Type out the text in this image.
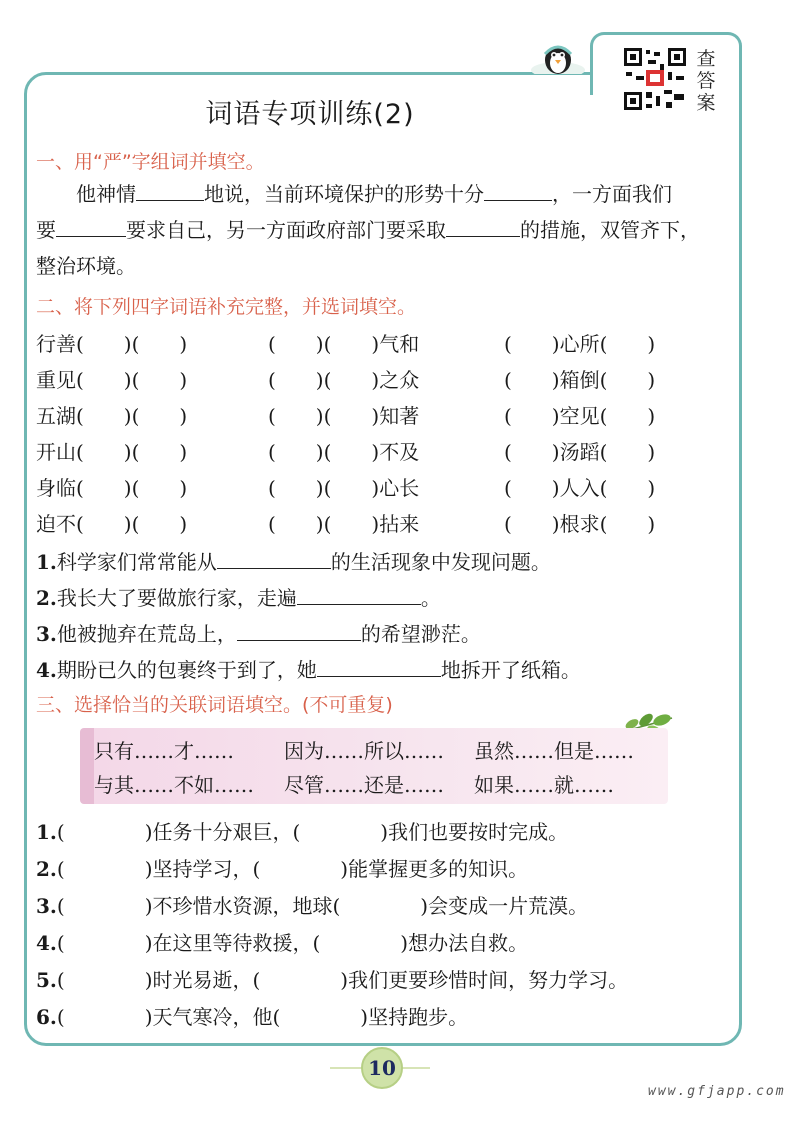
查
答
案
词语专项训练(2)
一、用“严”字组词并填空。
他神情	地说，当前环境保护的形势十分	，一方面我们
要	要求自己，另一方面政府部门要采取	的措施，双管齐下，
整治环境。
二、将下列四字词语补充完整，并选词填空。
行善(　　)(　　)	(　　)(　　)气和	(　　)心所(　　)
重见(　　)(　　)	(　　)(　　)之众	(　　)箱倒(　　)
五湖(　　)(　　)	(　　)(　　)知著	(　　)空见(　　)
开山(　　)(　　)	(　　)(　　)不及	(　　)汤蹈(　　)
身临(　　)(　　)	(　　)(　　)心长	(　　)人入(　　)
迫不(　　)(　　)	(　　)(　　)拈来	(　　)根求(　　)
1.科学家们常常能从	的生活现象中发现问题。
2.我长大了要做旅行家，走遍	。
3.他被抛弃在荒岛上，	的希望渺茫。
4.期盼已久的包裹终于到了，她	地拆开了纸箱。
三、选择恰当的关联词语填空。(不可重复)
只有……才……	因为……所以…… 虽然……但是……
与其……不如…… 尽管……还是…… 如果……就……
1.(　　　　)任务十分艰巨，(　　　　)我们也要按时完成。
2.(　　　　)坚持学习，(　　　　)能掌握更多的知识。
3.(　　　　)不珍惜水资源，地球(　　　　)会变成一片荒漠。
4.(　　　　)在这里等待救援，(　　　　)想办法自救。
5.(　　　　)时光易逝，(　　　　)我们更要珍惜时间，努力学习。
6.(　　　　)天气寒冷，他(　　　　)坚持跑步。
10
www.gfjapp.com
